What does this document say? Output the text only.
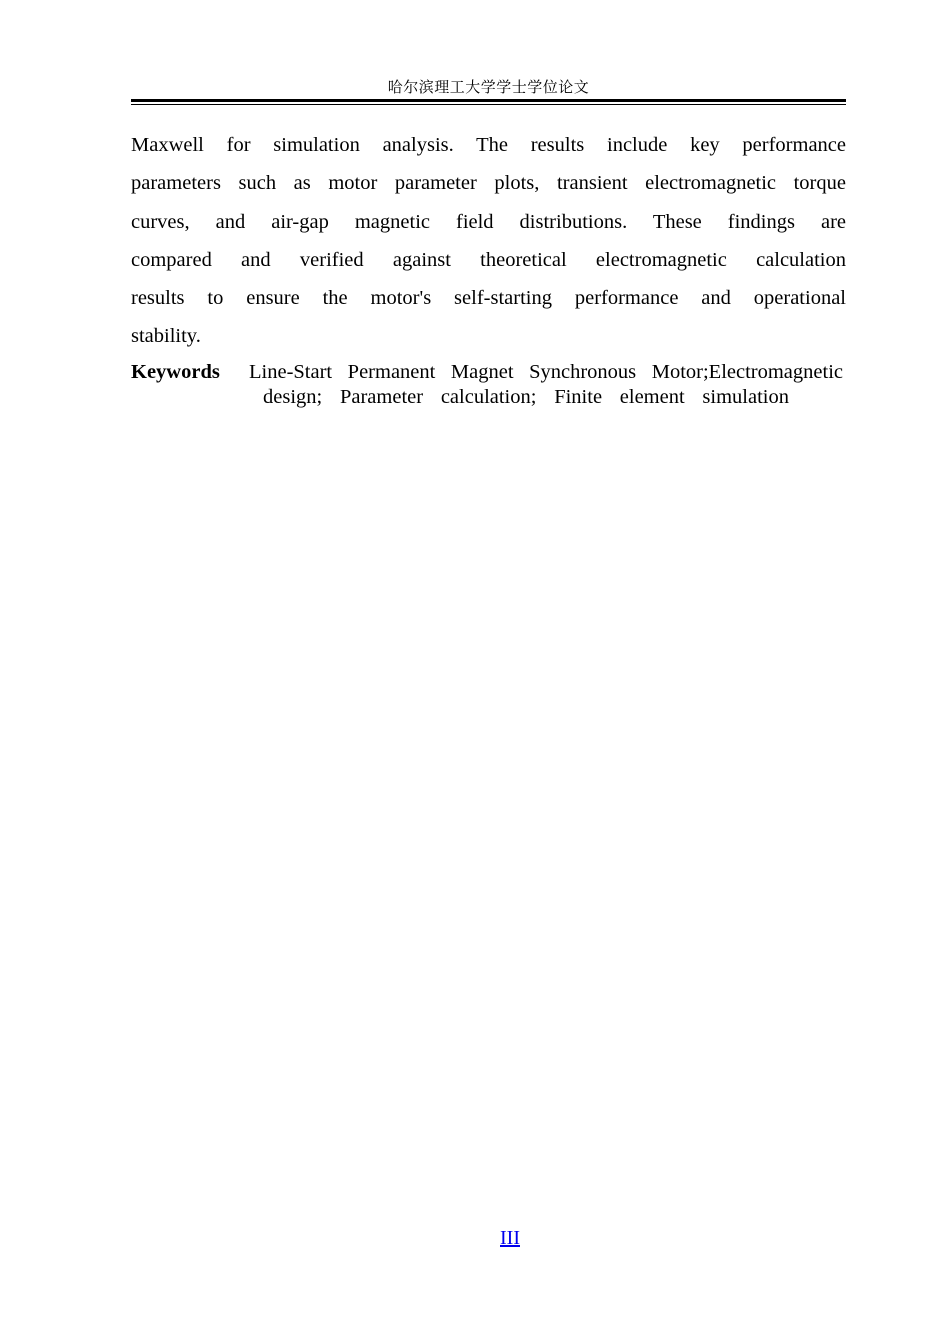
哈尔滨理工大学学士学位论文

Maxwell for simulation analysis. The results include key performance
parameters such as motor parameter plots, transient electromagnetic torque
curves, and air-gap magnetic field distributions. These findings are
compared and verified against theoretical electromagnetic calculation
results to ensure the motor's self-starting performance and operational
stability.

Keywords Line-Start Permanent Magnet Synchronous Motor;Electromagnetic
design; Parameter calculation; Finite element simulation
III
